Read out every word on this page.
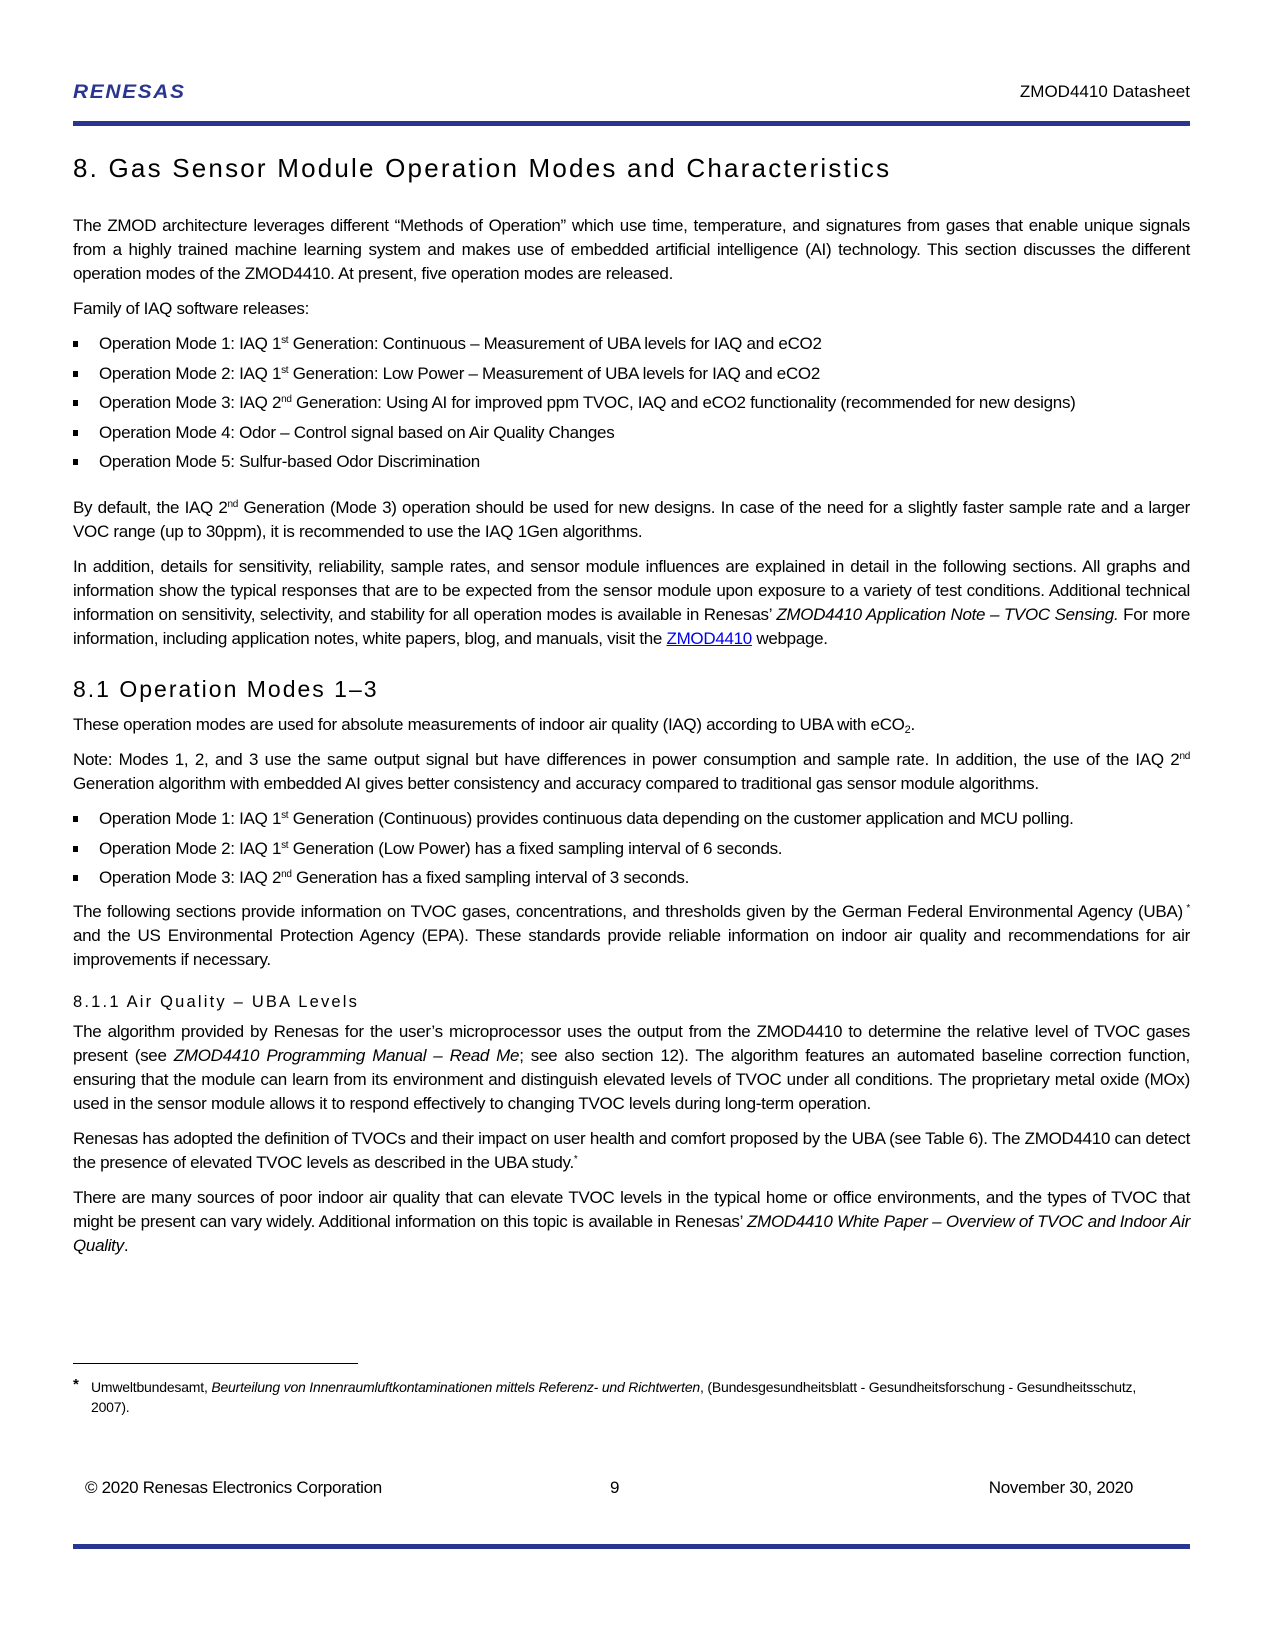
RENESAS	ZMOD4410 Datasheet
8. Gas Sensor Module Operation Modes and Characteristics

The ZMOD architecture leverages different “Methods of Operation” which use time, temperature, and signatures from gases that enable unique signals from a highly trained machine learning system and makes use of embedded artificial intelligence (AI) technology. This section discusses the different operation modes of the ZMOD4410. At present, five operation modes are released.

Family of IAQ software releases:

Operation Mode 1: IAQ 1st Generation: Continuous – Measurement of UBA levels for IAQ and eCO2
Operation Mode 2: IAQ 1st Generation: Low Power – Measurement of UBA levels for IAQ and eCO2
Operation Mode 3: IAQ 2nd Generation: Using AI for improved ppm TVOC, IAQ and eCO2 functionality (recommended for new designs)
Operation Mode 4: Odor – Control signal based on Air Quality Changes
Operation Mode 5: Sulfur-based Odor Discrimination

By default, the IAQ 2nd Generation (Mode 3) operation should be used for new designs. In case of the need for a slightly faster sample rate and a larger VOC range (up to 30ppm), it is recommended to use the IAQ 1Gen algorithms.

In addition, details for sensitivity, reliability, sample rates, and sensor module influences are explained in detail in the following sections. All graphs and information show the typical responses that are to be expected from the sensor module upon exposure to a variety of test conditions. Additional technical information on sensitivity, selectivity, and stability for all operation modes is available in Renesas’ ZMOD4410 Application Note – TVOC Sensing. For more information, including application notes, white papers, blog, and manuals, visit the ZMOD4410 webpage.

8.1 Operation Modes 1–3

These operation modes are used for absolute measurements of indoor air quality (IAQ) according to UBA with eCO$_2$.

Note: Modes 1, 2, and 3 use the same output signal but have differences in power consumption and sample rate. In addition, the use of the IAQ 2nd Generation algorithm with embedded AI gives better consistency and accuracy compared to traditional gas sensor module algorithms.

Operation Mode 1: IAQ 1st Generation (Continuous) provides continuous data depending on the customer application and MCU polling.
Operation Mode 2: IAQ 1st Generation (Low Power) has a fixed sampling interval of 6 seconds.
Operation Mode 3: IAQ 2nd Generation has a fixed sampling interval of 3 seconds.

The following sections provide information on TVOC gases, concentrations, and thresholds given by the German Federal Environmental Agency (UBA) * and the US Environmental Protection Agency (EPA). These standards provide reliable information on indoor air quality and recommendations for air improvements if necessary.

8.1.1 Air Quality – UBA Levels

The algorithm provided by Renesas for the user’s microprocessor uses the output from the ZMOD4410 to determine the relative level of TVOC gases present (see ZMOD4410 Programming Manual – Read Me; see also section 12). The algorithm features an automated baseline correction function, ensuring that the module can learn from its environment and distinguish elevated levels of TVOC under all conditions. The proprietary metal oxide (MOx) used in the sensor module allows it to respond effectively to changing TVOC levels during long-term operation.

Renesas has adopted the definition of TVOCs and their impact on user health and comfort proposed by the UBA (see Table 6). The ZMOD4410 can detect the presence of elevated TVOC levels as described in the UBA study.*

There are many sources of poor indoor air quality that can elevate TVOC levels in the typical home or office environments, and the types of TVOC that might be present can vary widely. Additional information on this topic is available in Renesas’ ZMOD4410 White Paper – Overview of TVOC and Indoor Air Quality.

* Umweltbundesamt, Beurteilung von Innenraumluftkontaminationen mittels Referenz- und Richtwerten, (Bundesgesundheitsblatt - Gesundheitsforschung - Gesundheitsschutz, 2007).
© 2020 Renesas Electronics Corporation	9	November 30, 2020
